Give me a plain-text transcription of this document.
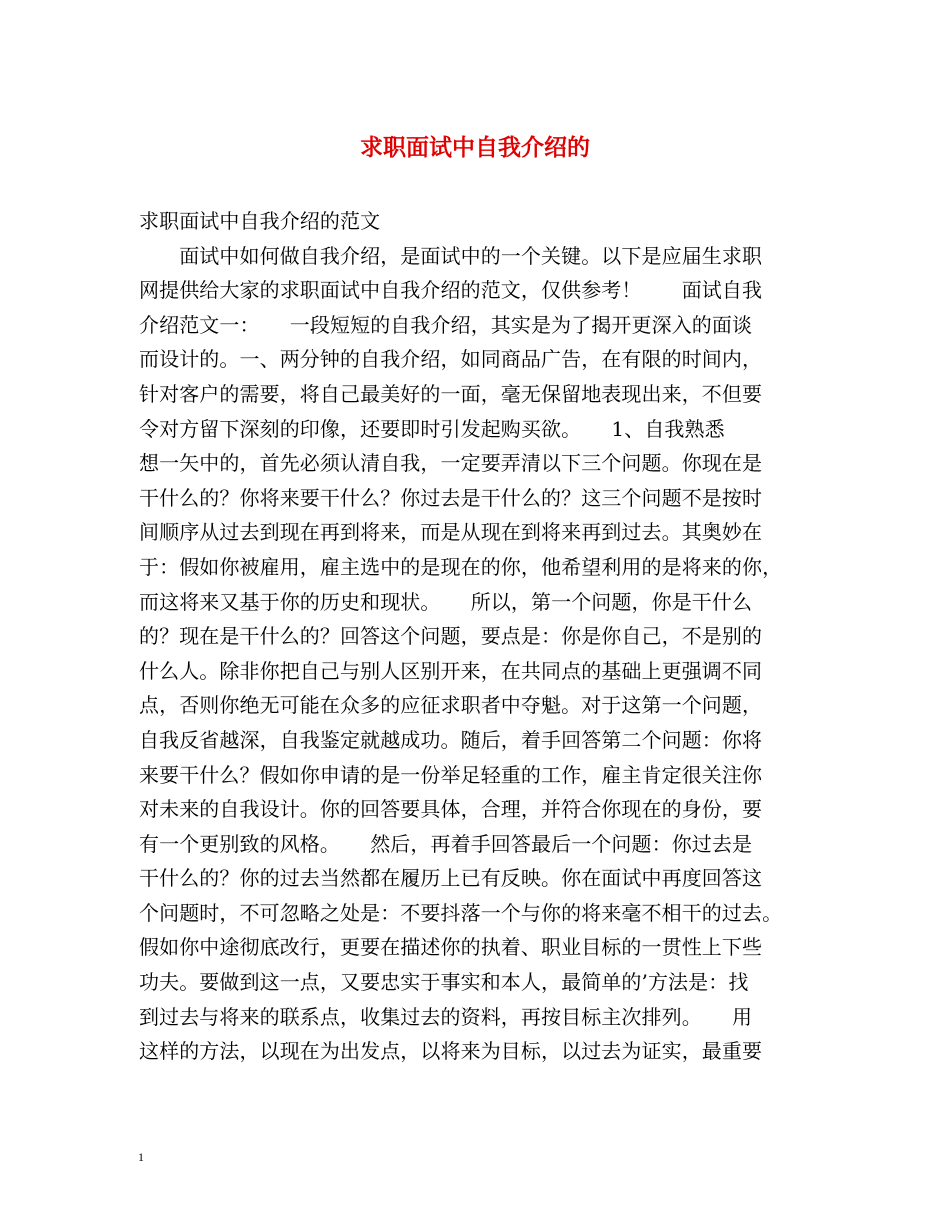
求职面试中自我介绍的
求职面试中自我介绍的范文
　　面试中如何做自我介绍，是面试中的一个关键。以下是应届生求职
网提供给大家的求职面试中自我介绍的范文，仅供参考！　　面试自我
介绍范文一：　　一段短短的自我介绍，其实是为了揭开更深入的面谈
而设计的。一、两分钟的自我介绍，如同商品广告，在有限的时间内，
针对客户的需要，将自己最美好的一面，毫无保留地表现出来，不但要
令对方留下深刻的印像，还要即时引发起购买欲。　　1、自我熟悉
想一矢中的，首先必须认清自我，一定要弄清以下三个问题。你现在是
干什么的？你将来要干什么？你过去是干什么的？这三个问题不是按时
间顺序从过去到现在再到将来，而是从现在到将来再到过去。其奥妙在
于：假如你被雇用，雇主选中的是现在的你，他希望利用的是将来的你，
而这将来又基于你的历史和现状。　　所以，第一个问题，你是干什么
的？现在是干什么的？回答这个问题，要点是：你是你自己，不是别的
什么人。除非你把自己与别人区别开来，在共同点的基础上更强调不同
点，否则你绝无可能在众多的应征求职者中夺魁。对于这第一个问题，
自我反省越深，自我鉴定就越成功。随后，着手回答第二个问题：你将
来要干什么？假如你申请的是一份举足轻重的工作，雇主肯定很关注你
对未来的自我设计。你的回答要具体，合理，并符合你现在的身份，要
有一个更别致的风格。　　然后，再着手回答最后一个问题：你过去是
干什么的？你的过去当然都在履历上已有反映。你在面试中再度回答这
个问题时，不可忽略之处是：不要抖落一个与你的将来毫不相干的过去。
假如你中途彻底改行，更要在描述你的执着、职业目标的一贯性上下些
功夫。要做到这一点，又要忠实于事实和本人，最简单的’方法是：找
到过去与将来的联系点，收集过去的资料，再按目标主次排列。　　用
这样的方法，以现在为出发点，以将来为目标，以过去为证实，最重要
1
